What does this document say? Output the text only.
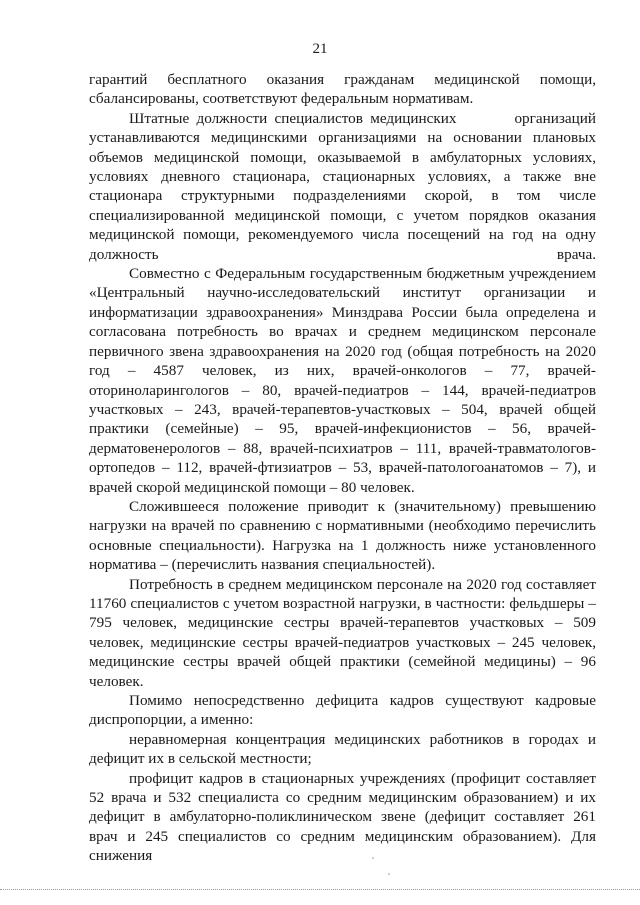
21

гарантий бесплатного оказания гражданам медицинской помощи, сбалансированы, соответствуют федеральным нормативам.

Штатные должности специалистов медицинских	организаций устанавливаются медицинскими организациями на основании плановых объемов медицинской помощи, оказываемой в амбулаторных условиях, условиях дневного стационара, стационарных условиях, а также вне стационара структурными подразделениями скорой, в том числе специализированной медицинской помощи, с учетом порядков оказания медицинской помощи, рекомендуемого числа посещений на год на одну должность врача.

Совместно с Федеральным государственным бюджетным учреждением «Центральный научно-исследовательский институт организации и информатизации здравоохранения» Минздрава России была определена и согласована потребность во врачах и среднем медицинском персонале первичного звена здравоохранения на 2020 год (общая потребность на 2020 год – 4587 человек, из них, врачей-онкологов – 77, врачей-оториноларингологов – 80, врачей-педиатров – 144, врачей-педиатров участковых – 243, врачей-терапевтов-участковых – 504, врачей общей практики (семейные) – 95, врачей-инфекционистов – 56, врачей-дерматовенерологов – 88, врачей-психиатров – 111, врачей-травматологов-ортопедов – 112, врачей-фтизиатров – 53, врачей-патологоанатомов – 7), и врачей скорой медицинской помощи – 80 человек.

Сложившееся положение приводит к (значительному) превышению нагрузки на врачей по сравнению с нормативными (необходимо перечислить основные специальности). Нагрузка на 1 должность ниже установленного норматива – (перечислить названия специальностей).

Потребность в среднем медицинском персонале на 2020 год составляет 11760 специалистов с учетом возрастной нагрузки, в частности: фельдшеры – 795 человек, медицинские сестры врачей-терапевтов участковых – 509 человек, медицинские сестры врачей-педиатров участковых – 245 человек, медицинские сестры врачей общей практики (семейной медицины) – 96 человек.

Помимо непосредственно дефицита кадров существуют кадровые диспропорции, а именно:

неравномерная концентрация медицинских работников в городах и дефицит их в сельской местности;

профицит кадров в стационарных учреждениях (профицит составляет 52 врача и 532 специалиста со средним медицинским образованием) и их дефицит в амбулаторно-поликлиническом звене (дефицит составляет 261 врач и 245 специалистов со средним медицинским образованием). Для снижения
